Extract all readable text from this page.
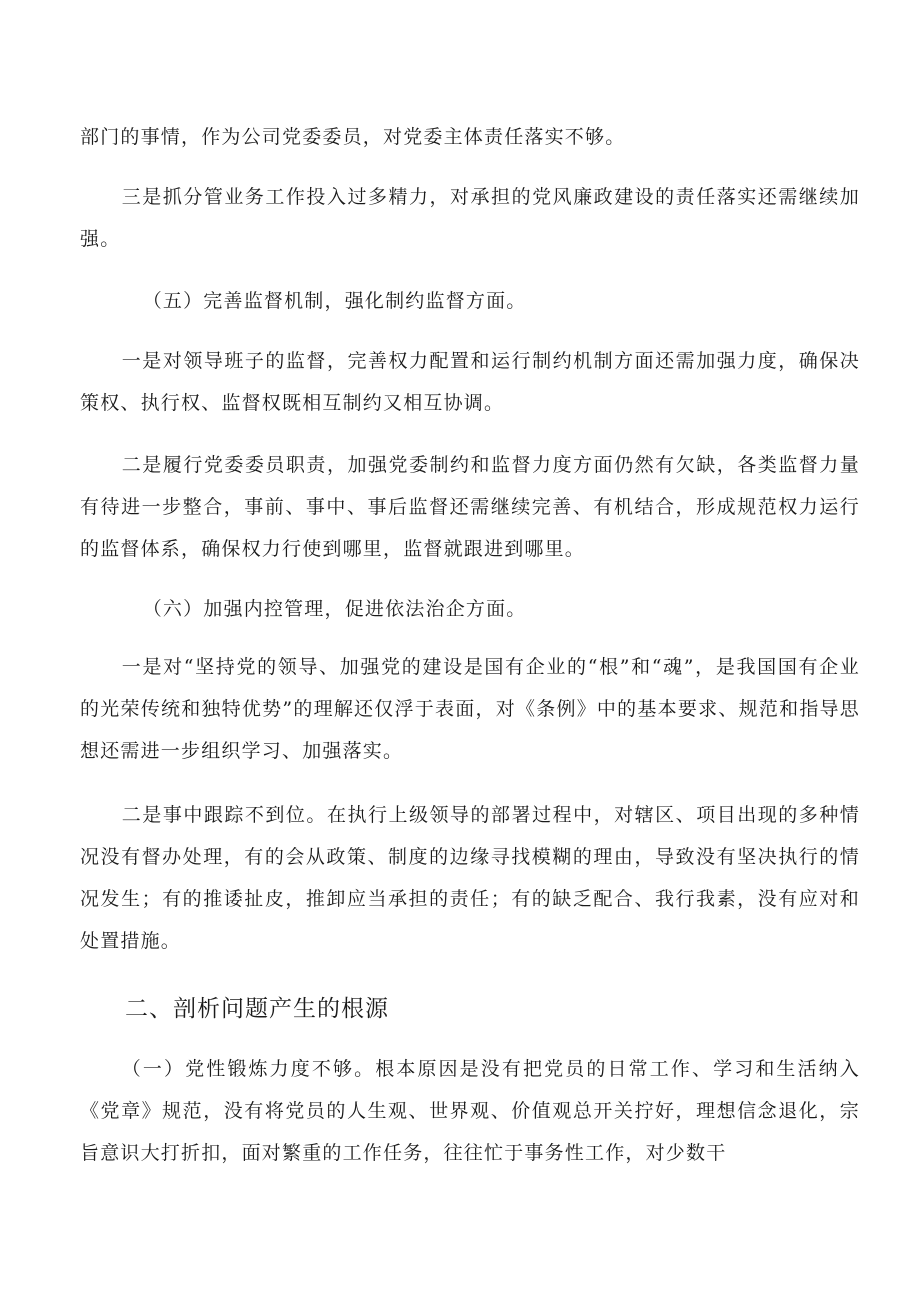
部门的事情，作为公司党委委员，对党委主体责任落实不够。

三是抓分管业务工作投入过多精力，对承担的党风廉政建设的责任落实还需继续加强。

（五）完善监督机制，强化制约监督方面。

一是对领导班子的监督，完善权力配置和运行制约机制方面还需加强力度，确保决策权、执行权、监督权既相互制约又相互协调。

二是履行党委委员职责，加强党委制约和监督力度方面仍然有欠缺，各类监督力量有待进一步整合，事前、事中、事后监督还需继续完善、有机结合，形成规范权力运行的监督体系，确保权力行使到哪里，监督就跟进到哪里。

（六）加强内控管理，促进依法治企方面。

一是对“坚持党的领导、加强党的建设是国有企业的“根”和“魂”，是我国国有企业的光荣传统和独特优势”的理解还仅浮于表面，对《条例》中的基本要求、规范和指导思想还需进一步组织学习、加强落实。

二是事中跟踪不到位。在执行上级领导的部署过程中，对辖区、项目出现的多种情况没有督办处理，有的会从政策、制度的边缘寻找模糊的理由，导致没有坚决执行的情况发生；有的推诿扯皮，推卸应当承担的责任；有的缺乏配合、我行我素，没有应对和处置措施。

二、剖析问题产生的根源

（一）党性锻炼力度不够。根本原因是没有把党员的日常工作、学习和生活纳入《党章》规范，没有将党员的人生观、世界观、价值观总开关拧好，理想信念退化，宗旨意识大打折扣，面对繁重的工作任务，往往忙于事务性工作，对少数干
